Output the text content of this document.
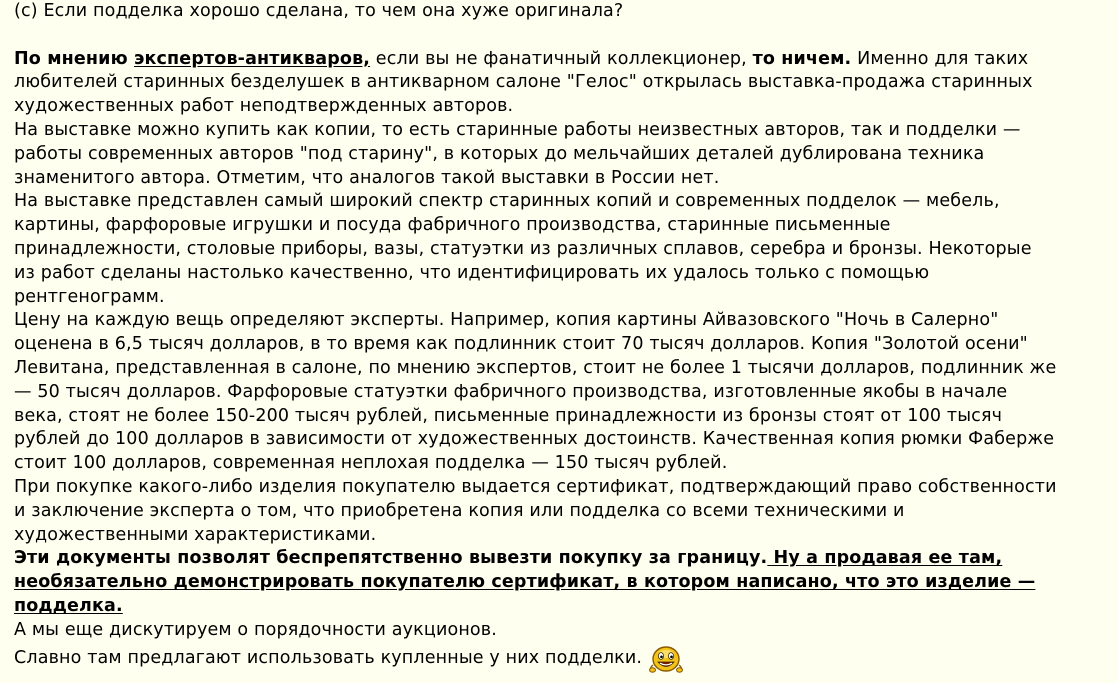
(с) Если подделка хорошо сделана, то чем она хуже оригинала?
По мнению экспертов-антикваров, если вы не фанатичный коллекционер, то ничем. Именно для таких
любителей старинных безделушек в антикварном салоне "Гелос" открылась выставка-продажа старинных
художественных работ неподтвержденных авторов.
На выставке можно купить как копии, то есть старинные работы неизвестных авторов, так и подделки —
работы современных авторов "под старину", в которых до мельчайших деталей дублирована техника
знаменитого автора. Отметим, что аналогов такой выставки в России нет.
На выставке представлен самый широкий спектр старинных копий и современных подделок — мебель,
картины, фарфоровые игрушки и посуда фабричного производства, старинные письменные
принадлежности, столовые приборы, вазы, статуэтки из различных сплавов, серебра и бронзы. Некоторые
из работ сделаны настолько качественно, что идентифицировать их удалось только с помощью
рентгенограмм.
Цену на каждую вещь определяют эксперты. Например, копия картины Айвазовского "Ночь в Салерно"
оценена в 6,5 тысяч долларов, в то время как подлинник стоит 70 тысяч долларов. Копия "Золотой осени"
Левитана, представленная в салоне, по мнению экспертов, стоит не более 1 тысячи долларов, подлинник же
— 50 тысяч долларов. Фарфоровые статуэтки фабричного производства, изготовленные якобы в начале
века, стоят не более 150-200 тысяч рублей, письменные принадлежности из бронзы стоят от 100 тысяч
рублей до 100 долларов в зависимости от художественных достоинств. Качественная копия рюмки Фаберже
стоит 100 долларов, современная неплохая подделка — 150 тысяч рублей.
При покупке какого-либо изделия покупателю выдается сертификат, подтверждающий право собственности
и заключение эксперта о том, что приобретена копия или подделка со всеми техническими и
художественными характеристиками.
Эти документы позволят беспрепятственно вывезти покупку за границу. Ну а продавая ее там,
необязательно демонстрировать покупателю сертификат, в котором написано, что это изделие —
подделка.
А мы еще дискутируем о порядочности аукционов.
Славно там предлагают использовать купленные у них подделки.
